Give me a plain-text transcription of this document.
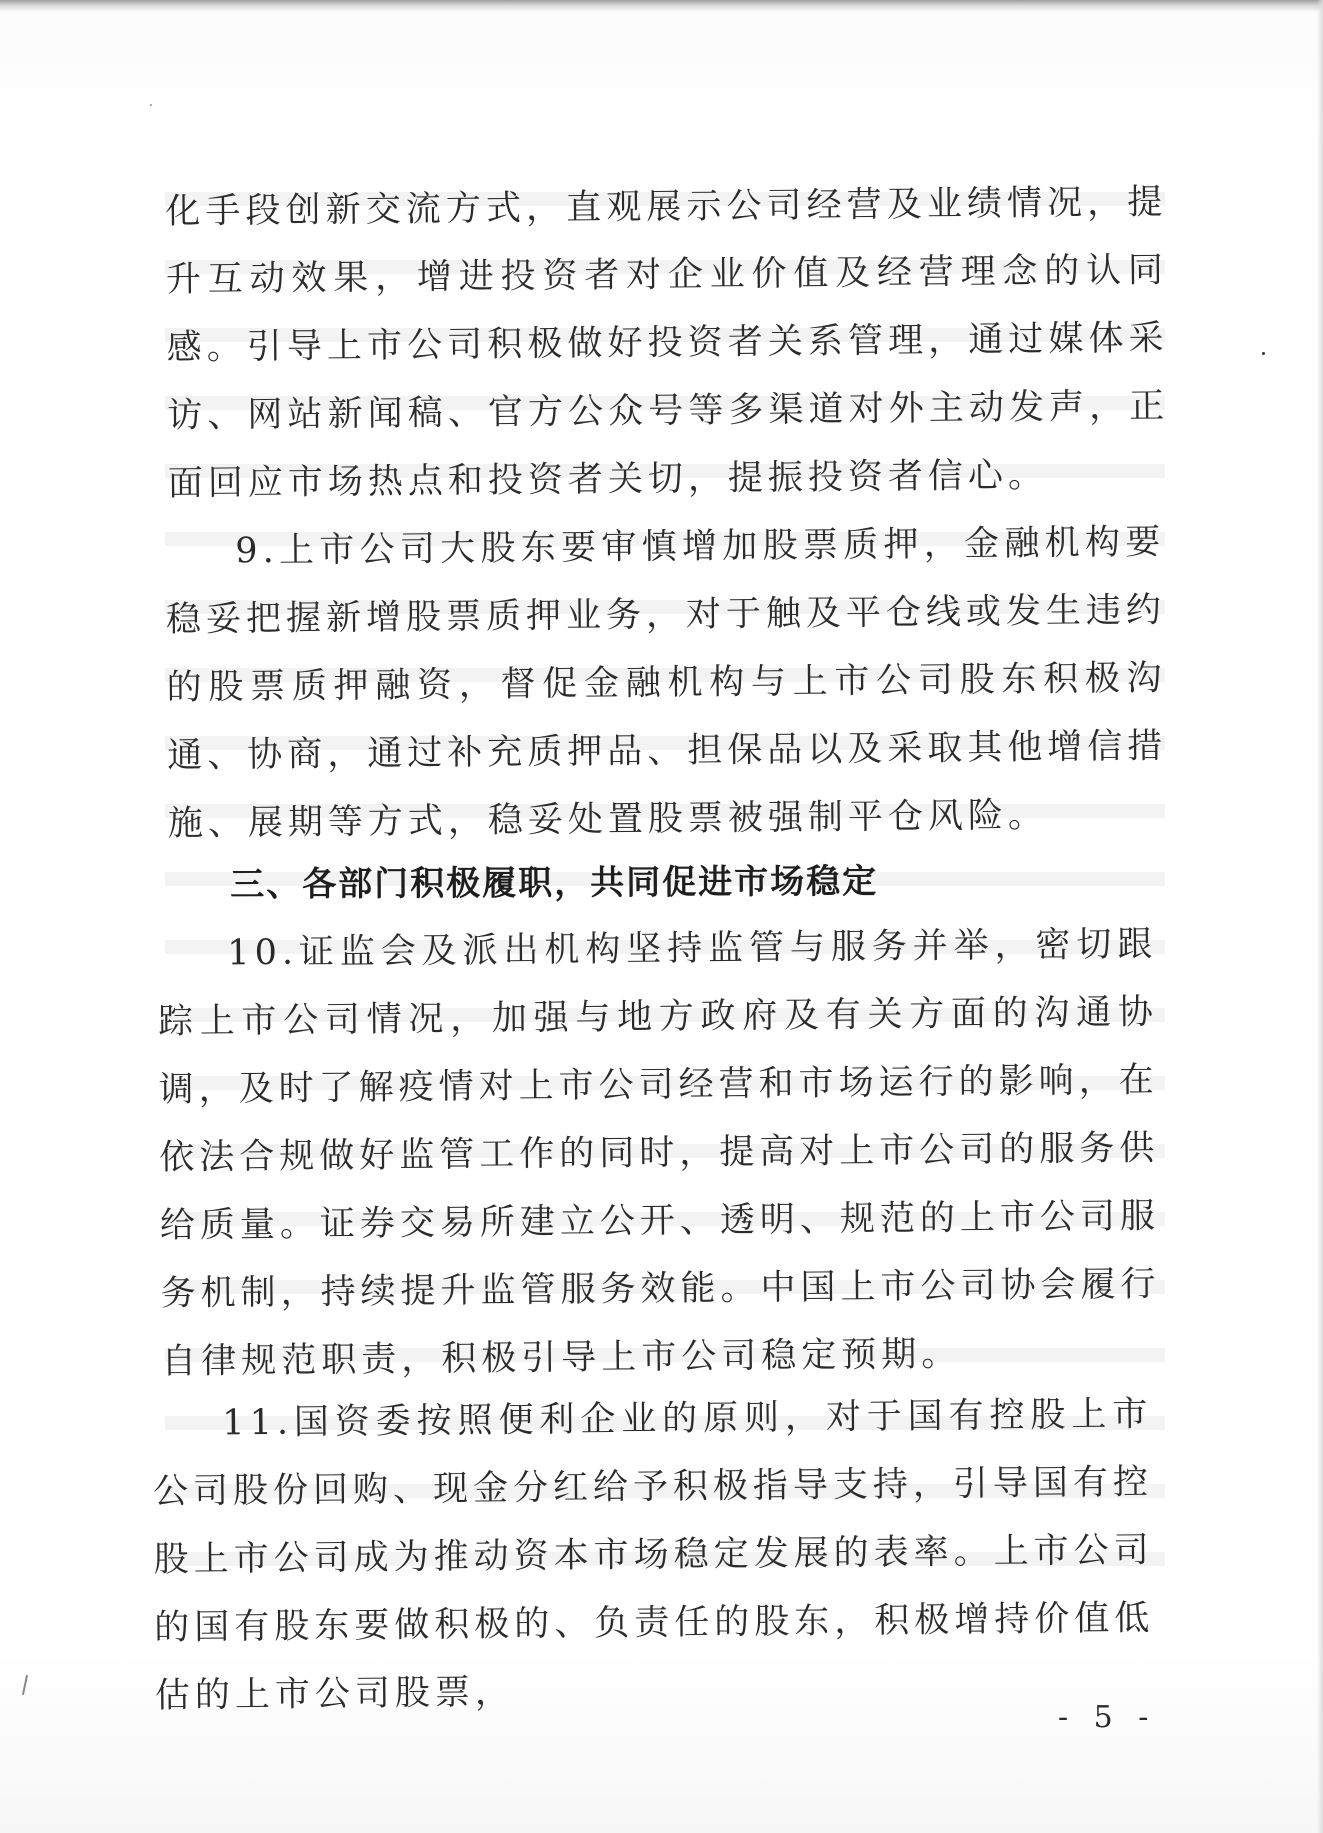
化手段创新交流方式，直观展示公司经营及业绩情况，提升互动效果，增进投资者对企业价值及经营理念的认同感。引导上市公司积极做好投资者关系管理，通过媒体采访、网站新闻稿、官方公众号等多渠道对外主动发声，正面回应市场热点和投资者关切，提振投资者信心。

9.上市公司大股东要审慎增加股票质押，金融机构要稳妥把握新增股票质押业务，对于触及平仓线或发生违约的股票质押融资，督促金融机构与上市公司股东积极沟通、协商，通过补充质押品、担保品以及采取其他增信措施、展期等方式，稳妥处置股票被强制平仓风险。

三、各部门积极履职，共同促进市场稳定

10.证监会及派出机构坚持监管与服务并举，密切跟踪上市公司情况，加强与地方政府及有关方面的沟通协调，及时了解疫情对上市公司经营和市场运行的影响，在依法合规做好监管工作的同时，提高对上市公司的服务供给质量。证券交易所建立公开、透明、规范的上市公司服务机制，持续提升监管服务效能。中国上市公司协会履行自律规范职责，积极引导上市公司稳定预期。

11.国资委按照便利企业的原则，对于国有控股上市公司股份回购、现金分红给予积极指导支持，引导国有控股上市公司成为推动资本市场稳定发展的表率。上市公司的国有股东要做积极的、负责任的股东，积极增持价值低估的上市公司股票，

- 5 -
